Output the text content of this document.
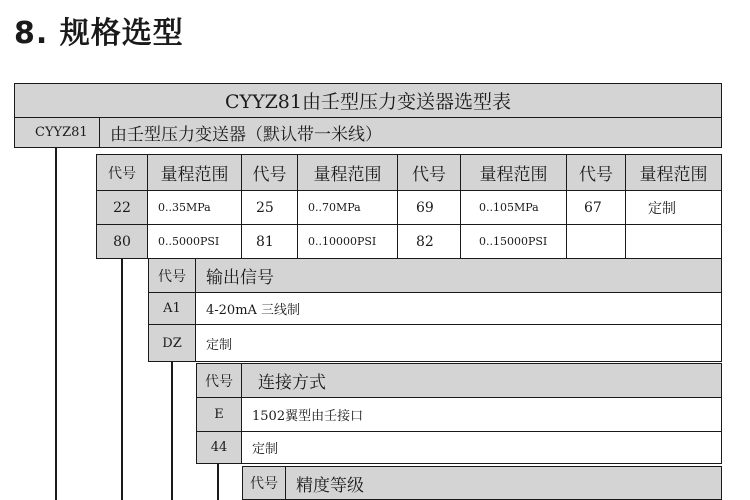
8. 规格选型
CYYZ81由壬型压力变送器选型表
CYYZ81	由壬型压力变送器（默认带一米线）
代号	量程范围	代号	量程范围	代号	量程范围	代号	量程范围
22	0..35MPa	25	0..70MPa	69	0..105MPa	67	定制
80	0..5000PSI	81	0..10000PSI	82	0..15000PSI
代号	输出信号
A1	4-20mA 三线制
DZ	定制
代号	连接方式
E	1502翼型由壬接口
44	定制
代号	精度等级
